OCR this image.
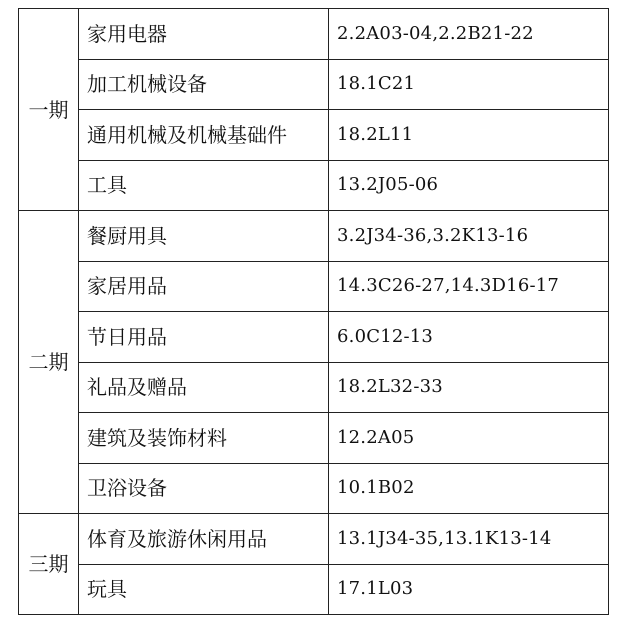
一期	家用电器	2.2A03-04,2.2B21-22
	加工机械设备	18.1C21
	通用机械及机械基础件	18.2L11
	工具	13.2J05-06
二期	餐厨用具	3.2J34-36,3.2K13-16
	家居用品	14.3C26-27,14.3D16-17
	节日用品	6.0C12-13
	礼品及赠品	18.2L32-33
	建筑及装饰材料	12.2A05
	卫浴设备	10.1B02
三期	体育及旅游休闲用品	13.1J34-35,13.1K13-14
	玩具	17.1L03
